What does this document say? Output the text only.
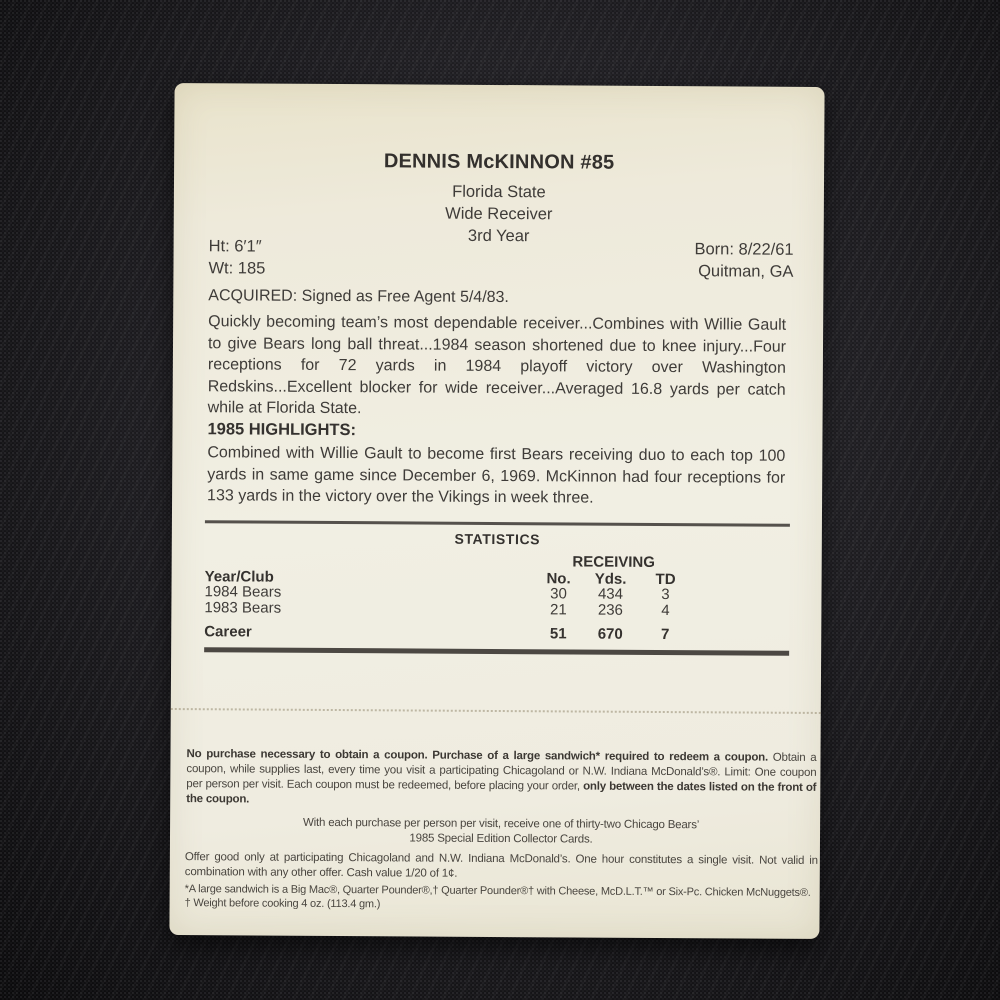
DENNIS McKINNON #85
Florida State
Wide Receiver
3rd Year
Ht: 6′1″
Wt: 185
Born: 8/22/61
Quitman, GA
ACQUIRED: Signed as Free Agent 5/4/83.
Quickly becoming team’s most dependable receiver...Combines with Willie Gault to give Bears long ball threat...1984 season shortened due to knee injury...Four receptions for 72 yards in 1984 playoff victory over Washington Redskins...Excellent blocker for wide receiver...Averaged 16.8 yards per catch while at Florida State.
1985 HIGHLIGHTS:
Combined with Willie Gault to become first Bears receiving duo to each top 100 yards in same game since December 6, 1969. McKinnon had four receptions for 133 yards in the victory over the Vikings in week three.
STATISTICS
RECEIVING
Year/Club	No.	Yds.	TD
1984 Bears	30	434	3
1983 Bears	21	236	4
Career	51	670	7

No purchase necessary to obtain a coupon. Purchase of a large sandwich* required to redeem a coupon. Obtain a coupon, while supplies last, every time you visit a participating Chicagoland or N.W. Indiana McDonald’s®. Limit: One coupon per person per visit. Each coupon must be redeemed, before placing your order, only between the dates listed on the front of the coupon.

With each purchase per person per visit, receive one of thirty-two Chicago Bears’
1985 Special Edition Collector Cards.

Offer good only at participating Chicagoland and N.W. Indiana McDonald’s. One hour constitutes a single visit. Not valid in combination with any other offer. Cash value 1/20 of 1¢.

*A large sandwich is a Big Mac®, Quarter Pounder®,† Quarter Pounder®† with Cheese, McD.L.T.™ or Six-Pc. Chicken McNuggets®.
† Weight before cooking 4 oz. (113.4 gm.)
